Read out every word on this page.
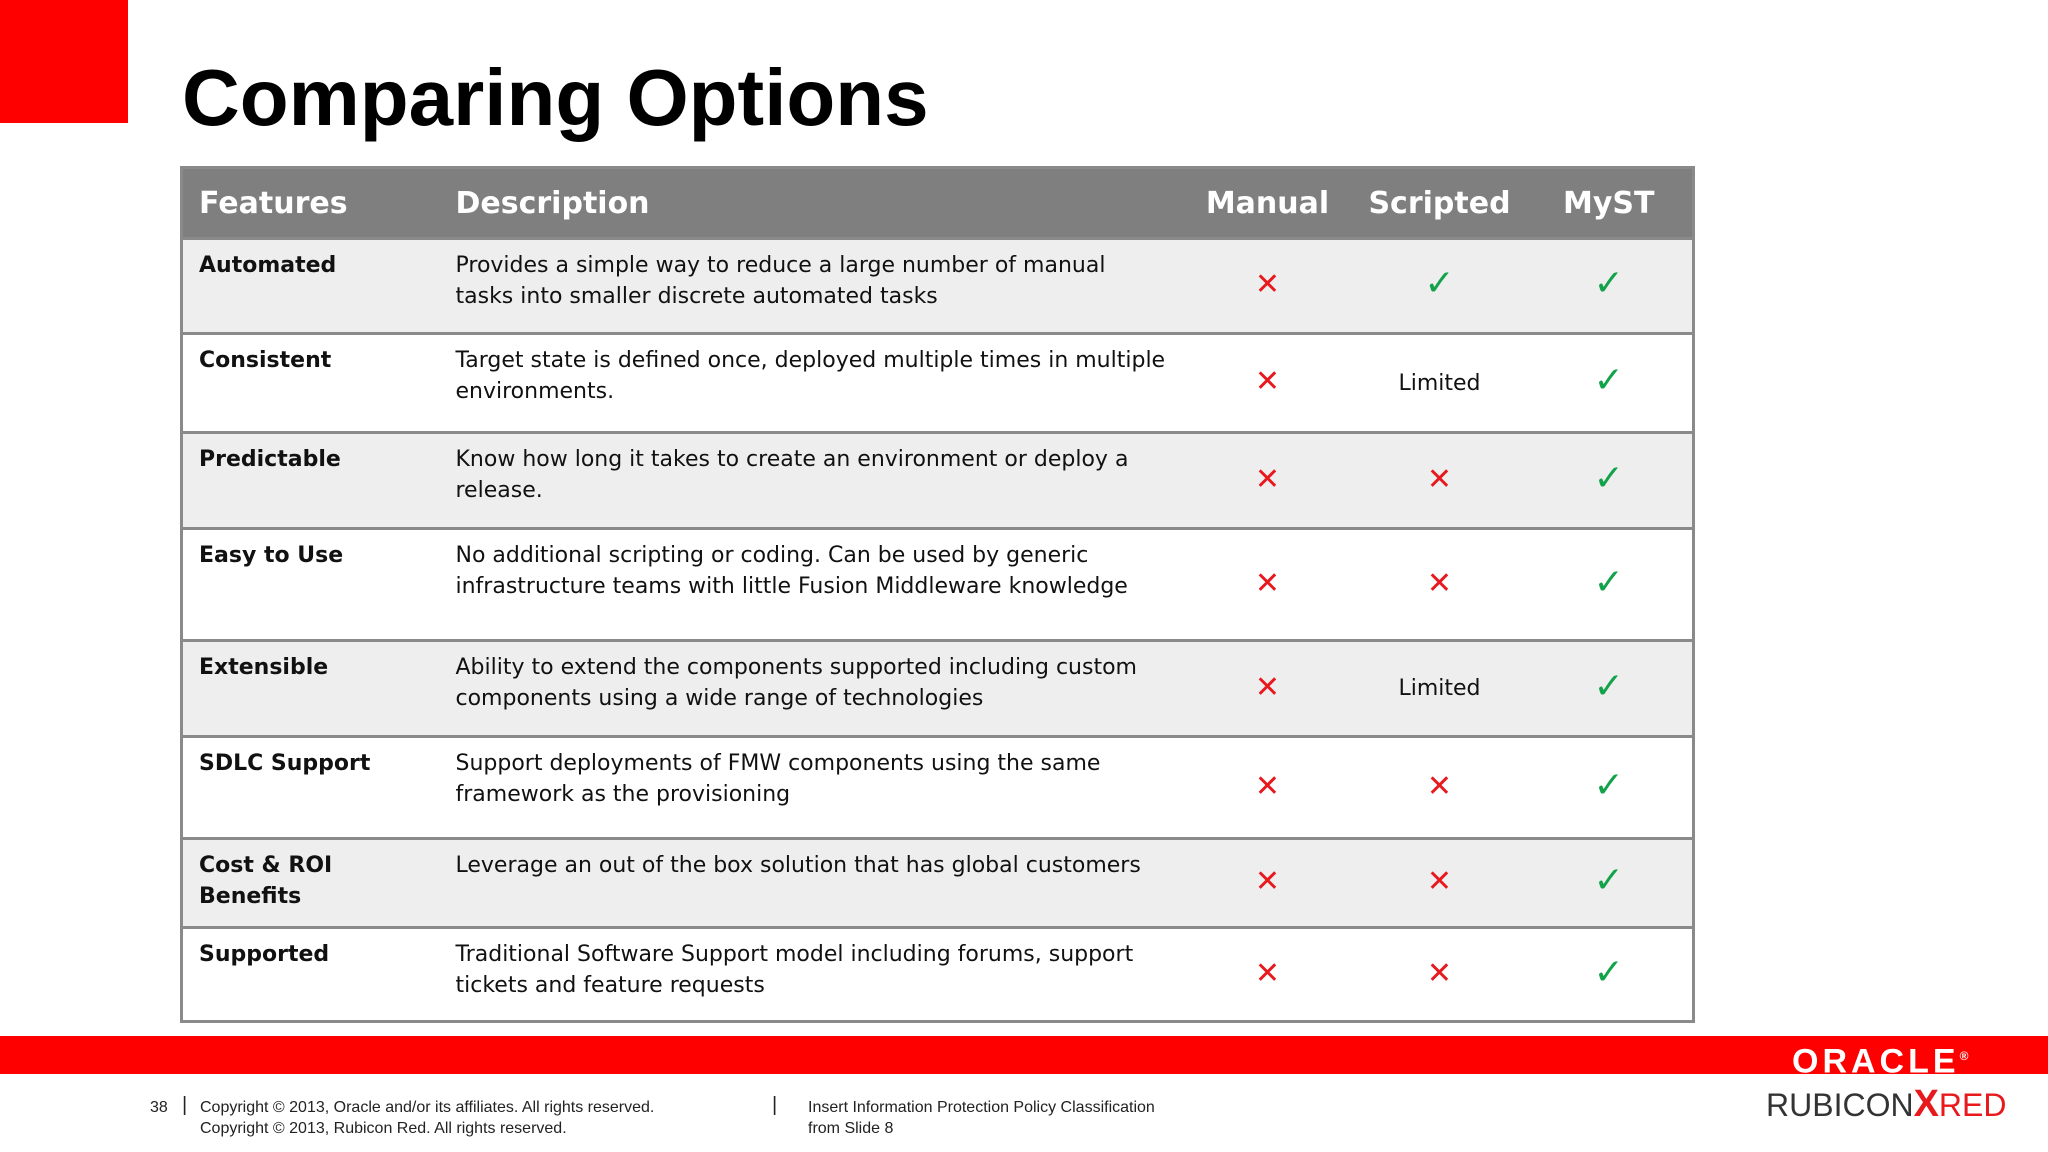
Comparing Options
Features	Description	Manual	Scripted	MyST
Automated	Provides a simple way to reduce a large number of manual tasks into smaller discrete automated tasks	✕	✓	✓
Consistent	Target state is defined once, deployed multiple times in multiple environments.	✕	Limited	✓
Predictable	Know how long it takes to create an environment or deploy a release.	✕	✕	✓
Easy to Use	No additional scripting or coding. Can be used by generic infrastructure teams with little Fusion Middleware knowledge	✕	✕	✓
Extensible	Ability to extend the components supported including custom components using a wide range of technologies	✕	Limited	✓
SDLC Support	Support deployments of FMW components using the same framework as the provisioning	✕	✕	✓
Cost & ROI Benefits	Leverage an out of the box solution that has global customers	✕	✕	✓
Supported	Traditional Software Support model including forums, support tickets and feature requests	✕	✕	✓
ORACLE®
RUBICONXRED
38 | Copyright © 2013, Oracle and/or its affiliates. All rights reserved.
Copyright © 2013, Rubicon Red. All rights reserved.
| Insert Information Protection Policy Classification
from Slide 8
